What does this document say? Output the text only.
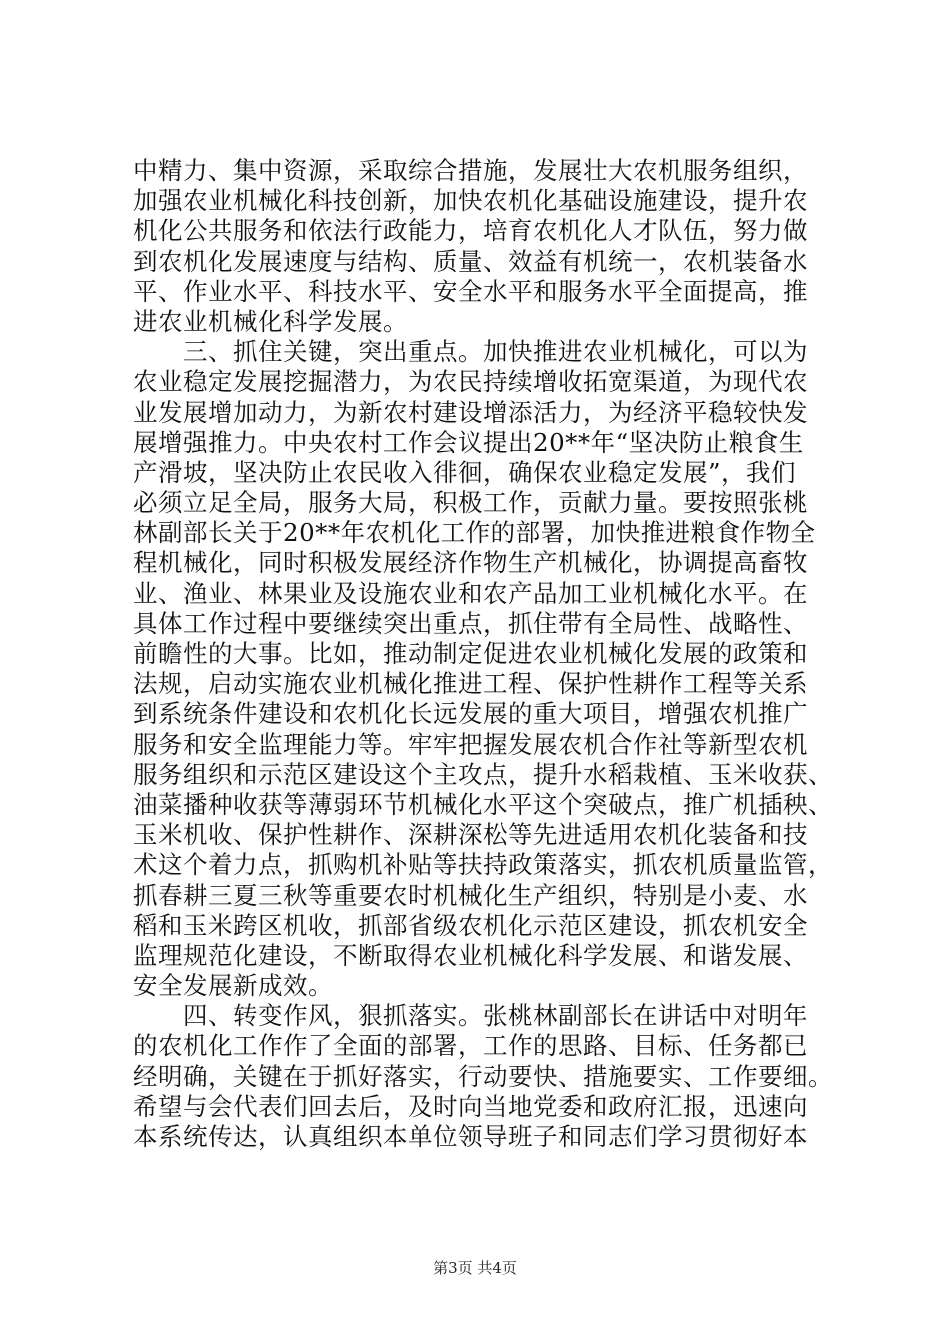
中精力、集中资源，采取综合措施，发展壮大农机服务组织，
加强农业机械化科技创新，加快农机化基础设施建设，提升农
机化公共服务和依法行政能力，培育农机化人才队伍，努力做
到农机化发展速度与结构、质量、效益有机统一，农机装备水
平、作业水平、科技水平、安全水平和服务水平全面提高，推
进农业机械化科学发展。
　　三、抓住关键，突出重点。加快推进农业机械化，可以为
农业稳定发展挖掘潜力，为农民持续增收拓宽渠道，为现代农
业发展增加动力，为新农村建设增添活力，为经济平稳较快发
展增强推力。中央农村工作会议提出20**年“坚决防止粮食生
产滑坡，坚决防止农民收入徘徊，确保农业稳定发展”，我们
必须立足全局，服务大局，积极工作，贡献力量。要按照张桃
林副部长关于20**年农机化工作的部署，加快推进粮食作物全
程机械化，同时积极发展经济作物生产机械化，协调提高畜牧
业、渔业、林果业及设施农业和农产品加工业机械化水平。在
具体工作过程中要继续突出重点，抓住带有全局性、战略性、
前瞻性的大事。比如，推动制定促进农业机械化发展的政策和
法规，启动实施农业机械化推进工程、保护性耕作工程等关系
到系统条件建设和农机化长远发展的重大项目，增强农机推广
服务和安全监理能力等。牢牢把握发展农机合作社等新型农机
服务组织和示范区建设这个主攻点，提升水稻栽植、玉米收获、
油菜播种收获等薄弱环节机械化水平这个突破点，推广机插秧、
玉米机收、保护性耕作、深耕深松等先进适用农机化装备和技
术这个着力点，抓购机补贴等扶持政策落实，抓农机质量监管，
抓春耕三夏三秋等重要农时机械化生产组织，特别是小麦、水
稻和玉米跨区机收，抓部省级农机化示范区建设，抓农机安全
监理规范化建设，不断取得农业机械化科学发展、和谐发展、
安全发展新成效。
　　四、转变作风，狠抓落实。张桃林副部长在讲话中对明年
的农机化工作作了全面的部署，工作的思路、目标、任务都已
经明确，关键在于抓好落实，行动要快、措施要实、工作要细。
希望与会代表们回去后，及时向当地党委和政府汇报，迅速向
本系统传达，认真组织本单位领导班子和同志们学习贯彻好本
第3页 共4页
